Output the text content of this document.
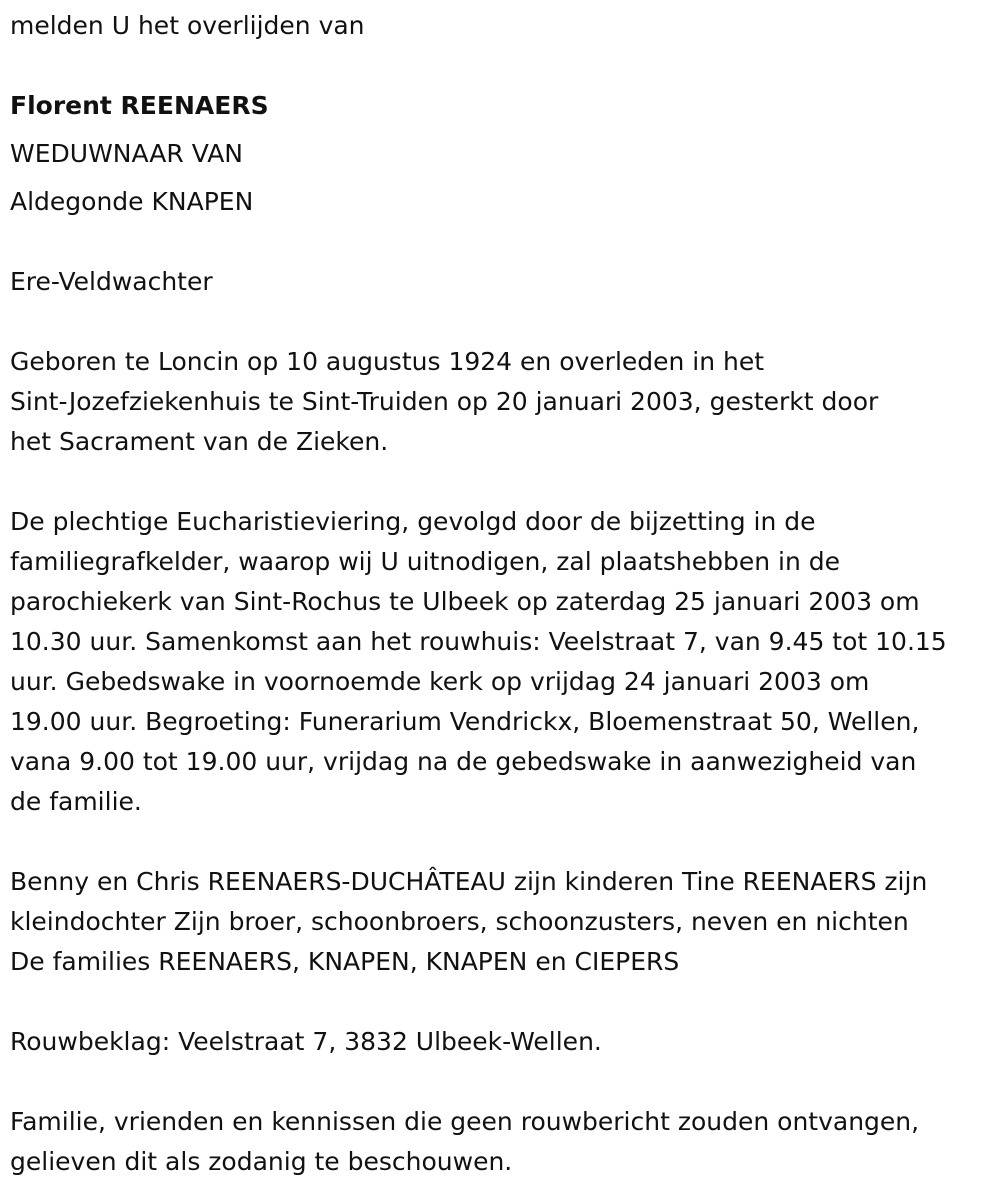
melden U het overlijden van
Florent REENAERS
WEDUWNAAR VAN
Aldegonde KNAPEN
Ere-Veldwachter
Geboren te Loncin op 10 augustus 1924 en overleden in het
Sint-Jozefziekenhuis te Sint-Truiden op 20 januari 2003, gesterkt door
het Sacrament van de Zieken.
De plechtige Eucharistieviering, gevolgd door de bijzetting in de
familiegrafkelder, waarop wij U uitnodigen, zal plaatshebben in de
parochiekerk van Sint-Rochus te Ulbeek op zaterdag 25 januari 2003 om
10.30 uur. Samenkomst aan het rouwhuis: Veelstraat 7, van 9.45 tot 10.15
uur. Gebedswake in voornoemde kerk op vrijdag 24 januari 2003 om
19.00 uur. Begroeting: Funerarium Vendrickx, Bloemenstraat 50, Wellen,
vana 9.00 tot 19.00 uur, vrijdag na de gebedswake in aanwezigheid van
de familie.
Benny en Chris REENAERS-DUCHÂTEAU zijn kinderen Tine REENAERS zijn
kleindochter Zijn broer, schoonbroers, schoonzusters, neven en nichten
De families REENAERS, KNAPEN, KNAPEN en CIEPERS
Rouwbeklag: Veelstraat 7, 3832 Ulbeek-Wellen.
Familie, vrienden en kennissen die geen rouwbericht zouden ontvangen,
gelieven dit als zodanig te beschouwen.
